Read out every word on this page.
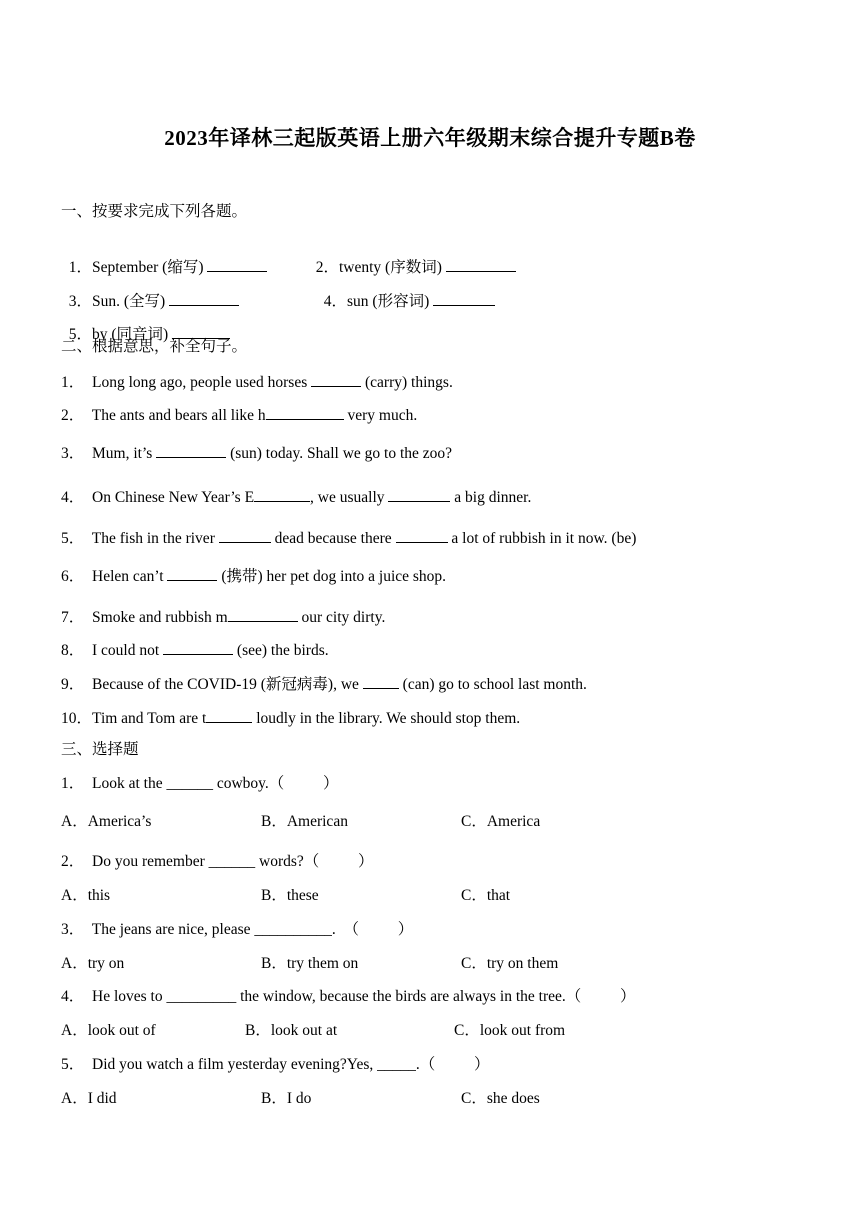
2023年译林三起版英语上册六年级期末综合提升专题B卷
一、按要求完成下列各题。

1．September (缩写)	2．twenty (序数词)

3．Sun. (全写)	4．sun (形容词)

5．by (同音词)

二、根据意思，补全句子。
1． Long long ago, people used horses	(carry) things.
2． The ants and bears all like h	very much.
3． Mum, it’s	(sun) today. Shall we go to the zoo?
4． On Chinese New Year’s E	, we usually	a big dinner.
5． The fish in the river	dead because there	a lot of rubbish in it now. (be)
6． Helen can’t	(携带) her pet dog into a juice shop.
7． Smoke and rubbish m	our city dirty.
8． I could not	(see) the birds.
9． Because of the COVID-19 (新冠病毒), we  (can) go to school last month.
10．Tim and Tom are t	loudly in the library. We should stop them.
三、选择题
1．  Look at the ______ cowboy.（          ）
A．America’s	B．American	C．America
2．  Do you remember ______ words?（          ）
A．this	B．these	C．that
3．  The jeans are nice, please __________.  （          ）
A．try on	B．try them on	C．try on them
4．  He loves to _________ the window, because the birds are always in the tree.（          ）
A．look out of	B．look out at	C．look out from
5．  Did you watch a film yesterday evening?Yes, _____.（          ）
A．I did	B．I do	C．she does
